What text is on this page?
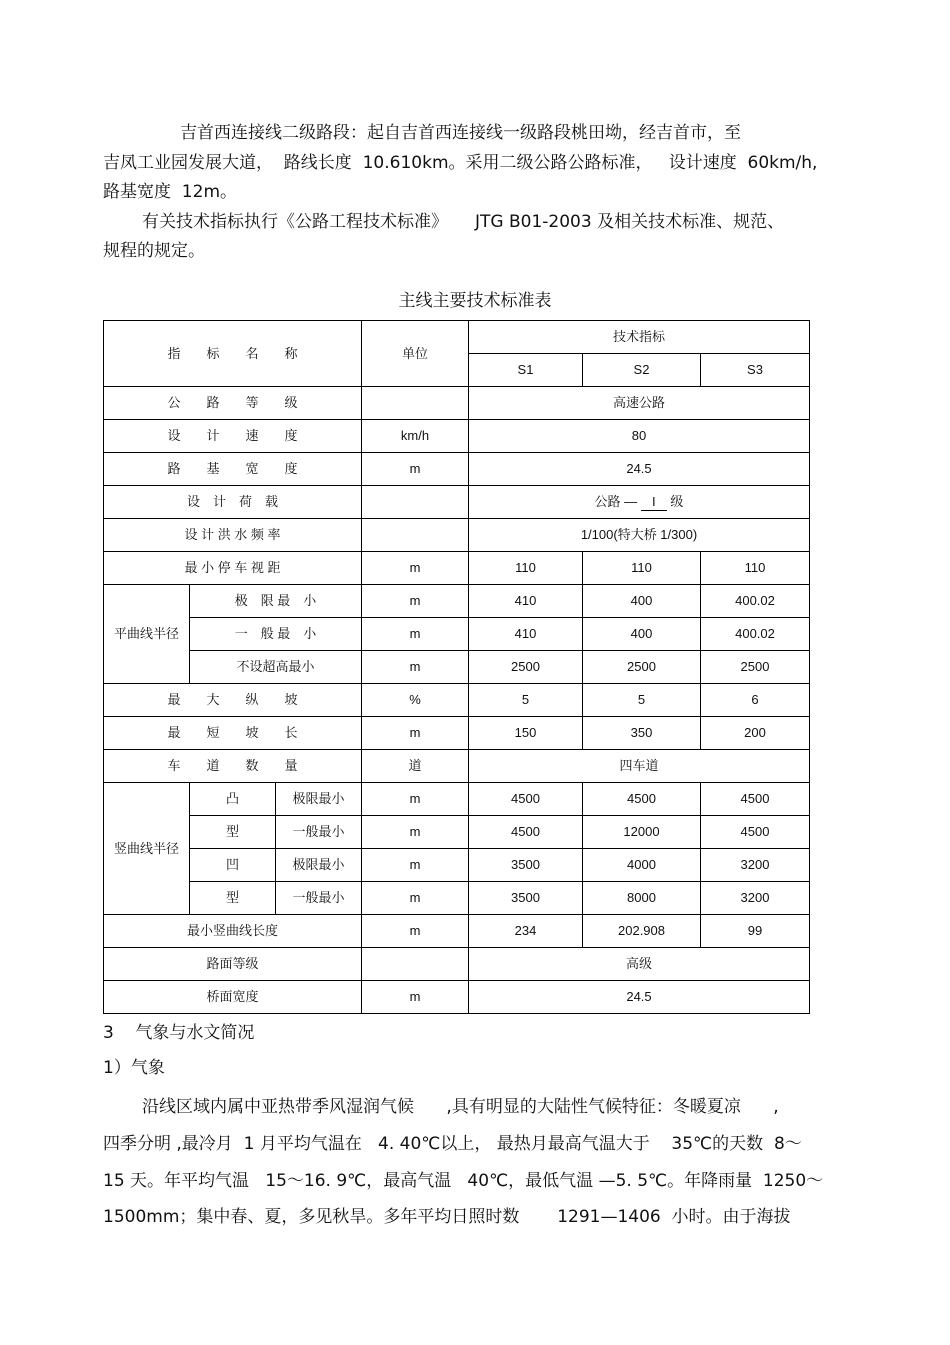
吉首西连接线二级路段：起自吉首西连接线一级路段桃田坳，经吉首市，至
吉凤工业园发展大道，  路线长度  10.610km。采用二级公路公路标准，   设计速度  60km/h,
路基宽度  12m。
有关技术指标执行《公路工程技术标准》     JTG B01-2003 及相关技术标准、规范、
规程的规定。
主线主要技术标准表
指　　标　　名　　称			单位	技术指标		
				S1	S2	S3
公　　路　　等　　级				高速公路		
设　　计　　速　　度			km/h	80		
路　　基　　宽　　度			m	24.5		
设　计　荷　载				公路 — I 级		
设 计 洪 水 频 率				1/100(特大桥 1/300)		
最 小 停 车 视 距			m	110	110	110
平曲线半径	极　限 最　小		m	410	400	400.02
	一　般 最　小		m	410	400	400.02
	不设超高最小		m	2500	2500	2500
最　　大　　纵　　坡			%	5	5	6
最　　短　　坡　　长			m	150	350	200
车　　道　　数　　量			道	四车道		
竖曲线半径	凸	极限最小	m	4500	4500	4500
	型	一般最小	m	4500	12000	4500
	凹	极限最小	m	3500	4000	3200
	型	一般最小	m	3500	8000	3200
最小竖曲线长度			m	234	202.908	99
路面等级				高级		
桥面宽度			m	24.5		
3    气象与水文简况
1）气象
沿线区域内属中亚热带季风湿润气候      ,具有明显的大陆性气候特征：冬暖夏凉      ,
四季分明 ,最冷月  1 月平均气温在   4. 40℃以上， 最热月最高气温大于    35℃的天数  8～
15 天。年平均气温   15～16. 9℃，最高气温   40℃，最低气温 —5. 5℃。年降雨量  1250～
1500mm；集中春、夏，多见秋旱。多年平均日照时数       1291—1406  小时。由于海拔
